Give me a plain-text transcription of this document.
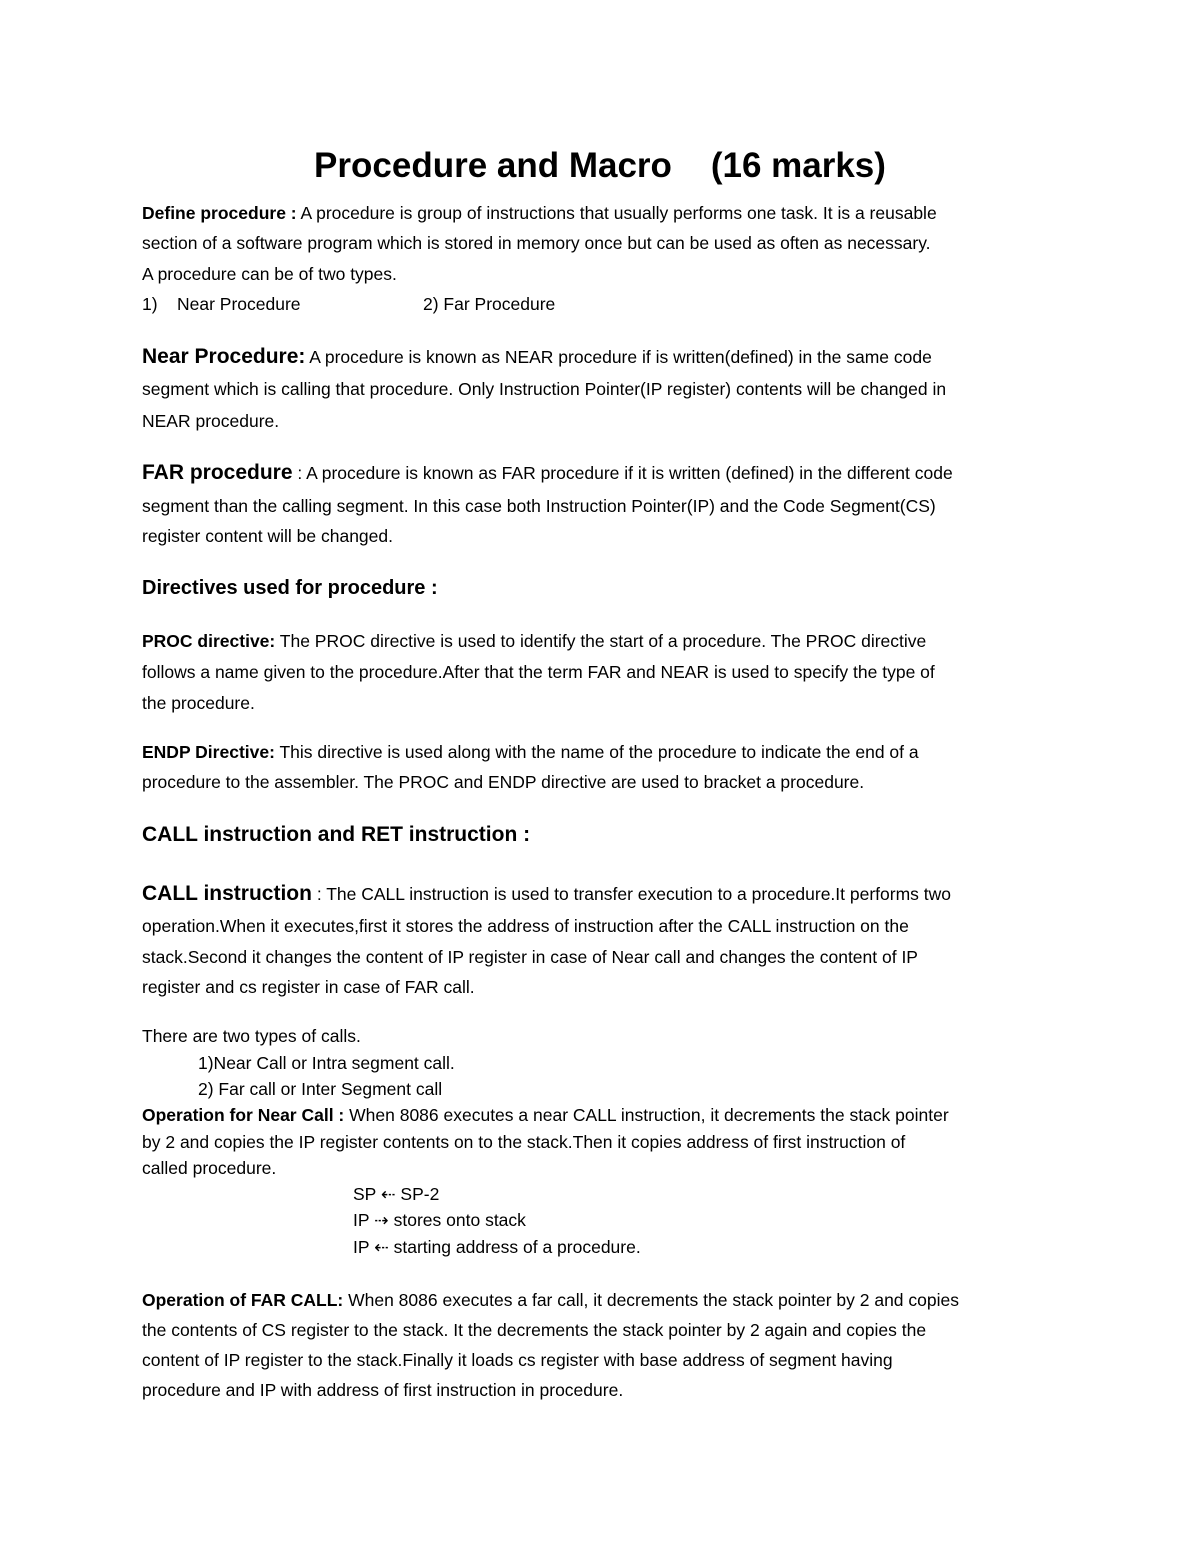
Procedure and Macro    (16 marks)
Define procedure : A procedure is group of instructions that usually performs one task. It is a reusable
section of a software program which is stored in memory once but can be used as often as necessary.
A procedure can be of two types.
1)    Near Procedure	2) Far Procedure
Near Procedure: A procedure is known as NEAR procedure if is written(defined) in the same code
segment which is calling that procedure. Only Instruction Pointer(IP register) contents will be changed in
NEAR procedure.
FAR procedure : A procedure is known as FAR procedure if it is written (defined) in the different code
segment than the calling segment. In this case both Instruction Pointer(IP) and the Code Segment(CS)
register content will be changed.
Directives used for procedure :
PROC directive: The PROC directive is used to identify the start of a procedure. The PROC directive
follows a name given to the procedure.After that the term FAR and NEAR is used to specify the type of
the procedure.
ENDP Directive: This directive is used along with the name of the procedure to indicate the end of a
procedure to the assembler. The PROC and ENDP directive are used to bracket a procedure.
CALL instruction and RET instruction :
CALL instruction : The CALL instruction is used to transfer execution to a procedure.It performs two
operation.When it executes,first it stores the address of instruction after the CALL instruction on the
stack.Second it changes the content of IP register in case of Near call and changes the content of IP
register and cs register in case of FAR call.
There are two types of calls.
1)Near Call or Intra segment call.
2) Far call or Inter Segment call
Operation for Near Call : When 8086 executes a near CALL instruction, it decrements the stack pointer
by 2 and copies the IP register contents on to the stack.Then it copies address of first instruction of
called procedure.
SP ⇠ SP-2
IP ⇢ stores onto stack
IP ⇠ starting address of a procedure.
Operation of FAR CALL: When 8086 executes a far call, it decrements the stack pointer by 2 and copies
the contents of CS register to the stack. It the decrements the stack pointer by 2 again and copies the
content of IP register to the stack.Finally it loads cs register with base address of segment having
procedure and IP with address of first instruction in procedure.
